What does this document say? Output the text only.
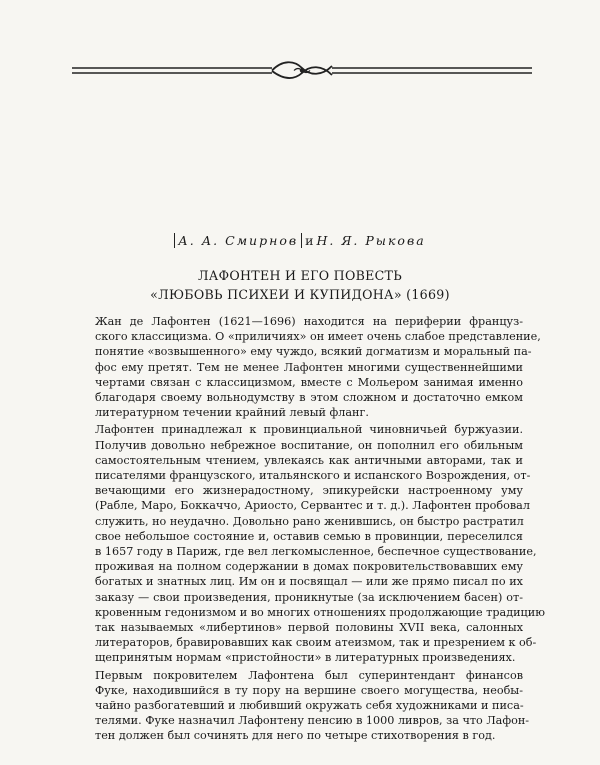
А. А. Смирнов и Н. Я. Рыкова
ЛАФОНТЕН И ЕГО ПОВЕСТЬ
«ЛЮБОВЬ ПСИХЕИ И КУПИДОНА» (1669)

Жан де Лафонтен (1621—1696) находится на периферии француз-
ского классицизма. О «приличиях» он имеет очень слабое представление,
понятие «возвышенного» ему чуждо, всякий догматизм и моральный па-
фос ему претят. Тем не менее Лафонтен многими существеннейшими
чертами связан с классицизмом, вместе с Мольером занимая именно
благодаря своему вольнодумству в этом сложном и достаточно емком
литературном течении крайний левый фланг.

Лафонтен принадлежал к провинциальной чиновничьей буржуазии.
Получив довольно небрежное воспитание, он пополнил его обильным
самостоятельным чтением, увлекаясь как античными авторами, так и
писателями французского, итальянского и испанского Возрождения, от-
вечающими его жизнерадостному, эпикурейски настроенному уму
(Рабле, Маро, Боккаччо, Ариосто, Сервантес и т. д.). Лафонтен пробовал
служить, но неудачно. Довольно рано женившись, он быстро растратил
свое небольшое состояние и, оставив семью в провинции, переселился
в 1657 году в Париж, где вел легкомысленное, беспечное существование,
проживая на полном содержании в домах покровительствовавших ему
богатых и знатных лиц. Им он и посвящал — или же прямо писал по их
заказу — свои произведения, проникнутые (за исключением басен) от-
кровенным гедонизмом и во многих отношениях продолжающие традицию
так называемых «либертинов» первой половины XVII века, салонных
литераторов, бравировавших как своим атеизмом, так и презрением к об-
щепринятым нормам «пристойности» в литературных произведениях.

Первым покровителем Лафонтена был суперинтендант финансов
Фуке, находившийся в ту пору на вершине своего могущества, необы-
чайно разбогатевший и любивший окружать себя художниками и писа-
телями. Фуке назначил Лафонтену пенсию в 1000 ливров, за что Лафон-
тен должен был сочинять для него по четыре стихотворения в год.
